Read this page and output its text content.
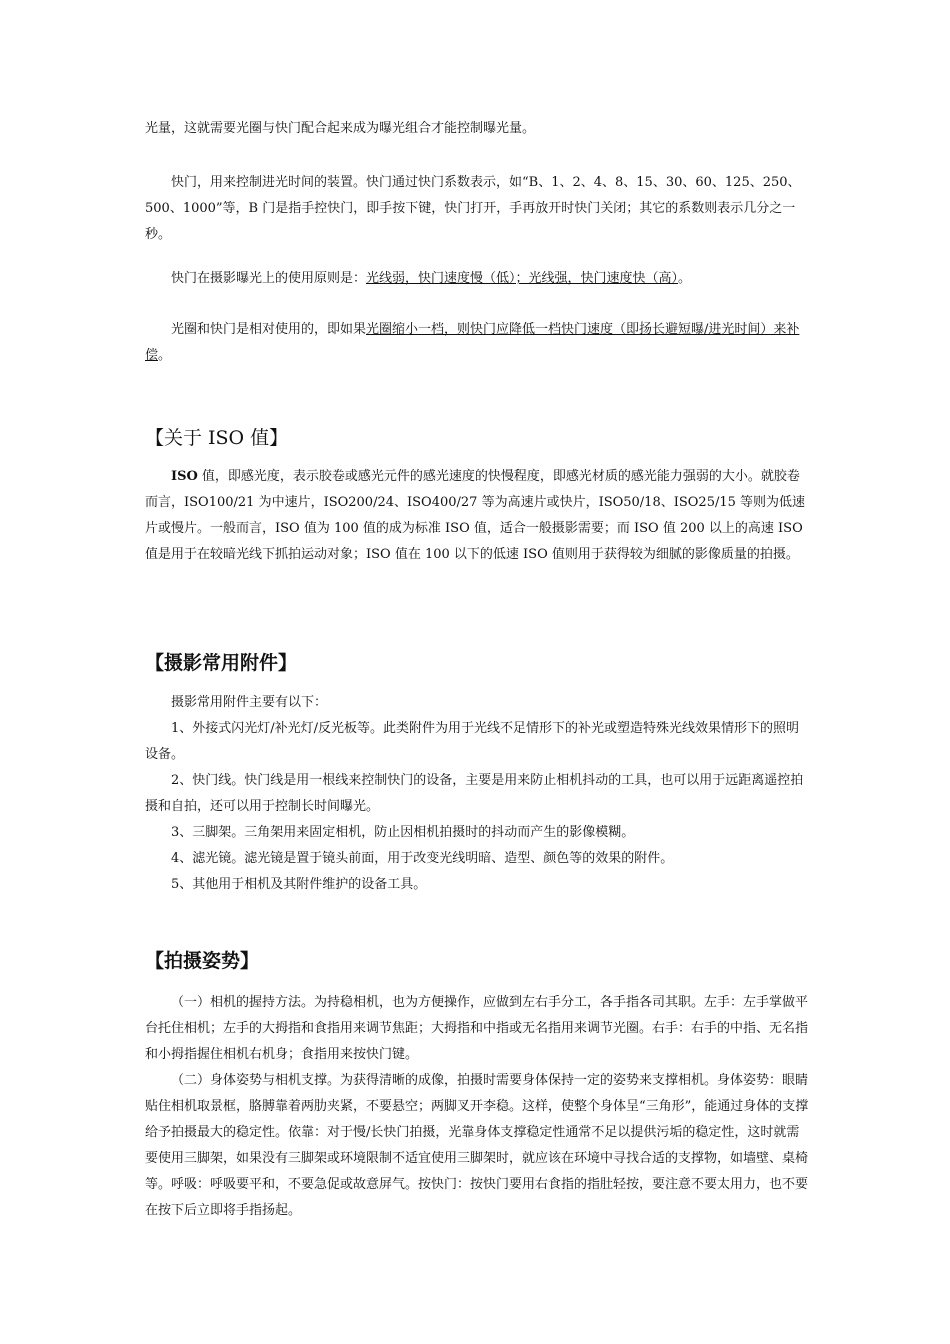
光量，这就需要光圈与快门配合起来成为曝光组合才能控制曝光量。

快门，用来控制进光时间的装置。快门通过快门系数表示，如“B、1、2、4、8、15、30、60、125、250、500、1000”等，B 门是指手控快门，即手按下键，快门打开，手再放开时快门关闭；其它的系数则表示几分之一秒。

快门在摄影曝光上的使用原则是：光线弱，快门速度慢（低）；光线强，快门速度快（高）。

光圈和快门是相对使用的，即如果光圈缩小一档，则快门应降低一档快门速度（即扬长避短曝/进光时间）来补偿。

【关于 ISO 值】

ISO 值，即感光度，表示胶卷或感光元件的感光速度的快慢程度，即感光材质的感光能力强弱的大小。就胶卷而言，ISO100/21 为中速片，ISO200/24、ISO400/27 等为高速片或快片，ISO50/18、ISO25/15 等则为低速片或慢片。一般而言，ISO 值为 100 值的成为标准 ISO 值，适合一般摄影需要；而 ISO 值 200 以上的高速 ISO 值是用于在较暗光线下抓拍运动对象；ISO 值在 100 以下的低速 ISO 值则用于获得较为细腻的影像质量的拍摄。

【摄影常用附件】

摄影常用附件主要有以下：

1、外接式闪光灯/补光灯/反光板等。此类附件为用于光线不足情形下的补光或塑造特殊光线效果情形下的照明设备。

2、快门线。快门线是用一根线来控制快门的设备，主要是用来防止相机抖动的工具，也可以用于远距离遥控拍摄和自拍，还可以用于控制长时间曝光。

3、三脚架。三角架用来固定相机，防止因相机拍摄时的抖动而产生的影像模糊。

4、滤光镜。滤光镜是置于镜头前面，用于改变光线明暗、造型、颜色等的效果的附件。

5、其他用于相机及其附件维护的设备工具。

【拍摄姿势】

（一）相机的握持方法。为持稳相机，也为方便操作，应做到左右手分工，各手指各司其职。左手：左手掌做平台托住相机；左手的大拇指和食指用来调节焦距；大拇指和中指或无名指用来调节光圈。右手：右手的中指、无名指和小拇指握住相机右机身；食指用来按快门键。

（二）身体姿势与相机支撑。为获得清晰的成像，拍摄时需要身体保持一定的姿势来支撑相机。身体姿势：眼睛贴住相机取景框，胳膊靠着两肋夹紧，不要悬空；两脚叉开李稳。这样，使整个身体呈“三角形”，能通过身体的支撑给予拍摄最大的稳定性。依靠：对于慢/长快门拍摄，光靠身体支撑稳定性通常不足以提供污垢的稳定性，这时就需要使用三脚架，如果没有三脚架或环境限制不适宜使用三脚架时，就应该在环境中寻找合适的支撑物，如墙壁、桌椅等。呼吸：呼吸要平和，不要急促或故意屏气。按快门：按快门要用右食指的指肚轻按，要注意不要太用力，也不要在按下后立即将手指扬起。
